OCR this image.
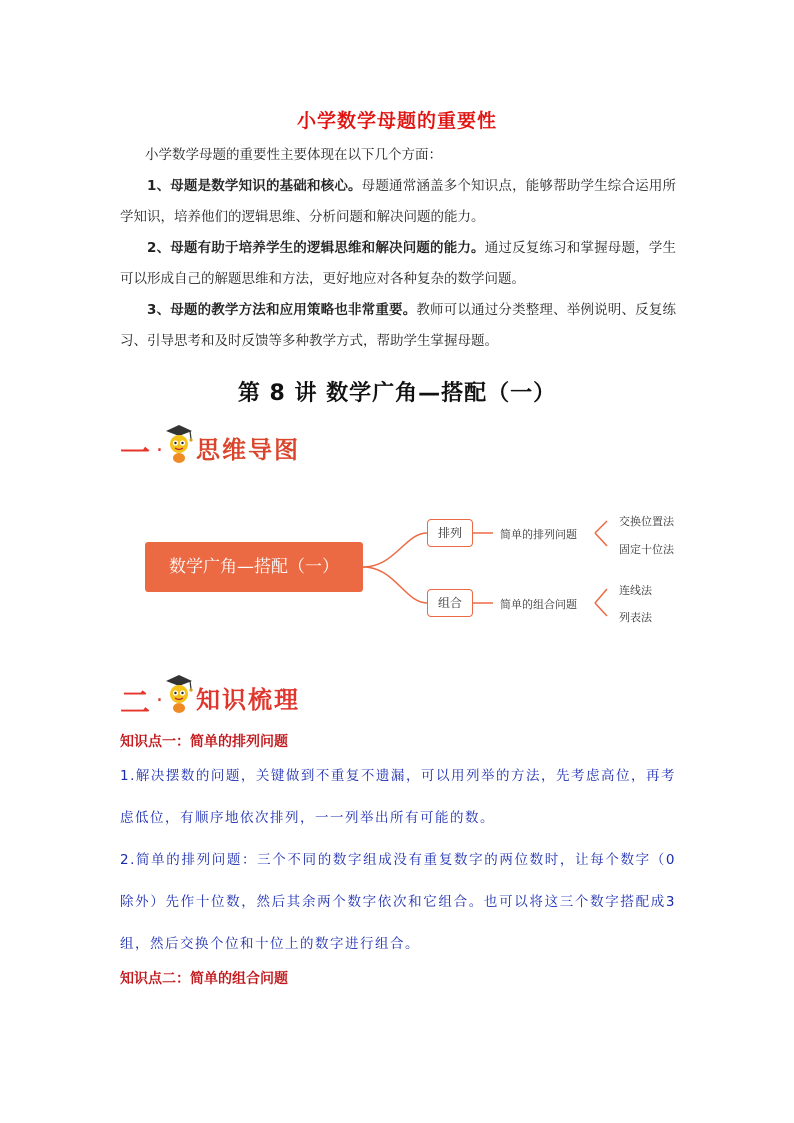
小学数学母题的重要性
小学数学母题的重要性主要体现在以下几个方面：
1、母题是数学知识的基础和核心。母题通常涵盖多个知识点，能够帮助学生综合运用所学知识，培养他们的逻辑思维、分析问题和解决问题的能力。
2、母题有助于培养学生的逻辑思维和解决问题的能力。通过反复练习和掌握母题，学生可以形成自己的解题思维和方法，更好地应对各种复杂的数学问题。
3、母题的教学方法和应用策略也非常重要。教师可以通过分类整理、举例说明、反复练习、引导思考和及时反馈等多种教学方式，帮助学生掌握母题。
第 8 讲 数学广角—搭配（一）
一 . 思维导图
数学广角—搭配（一）
排列
组合
简单的排列问题
简单的组合问题
交换位置法
固定十位法
连线法
列表法
二 . 知识梳理
知识点一：简单的排列问题
1.解决摆数的问题，关键做到不重复不遗漏，可以用列举的方法，先考虑高位，再考虑低位，有顺序地依次排列，一一列举出所有可能的数。
2.简单的排列问题：三个不同的数字组成没有重复数字的两位数时，让每个数字（0除外）先作十位数，然后其余两个数字依次和它组合。也可以将这三个数字搭配成3组，然后交换个位和十位上的数字进行组合。
知识点二：简单的组合问题
